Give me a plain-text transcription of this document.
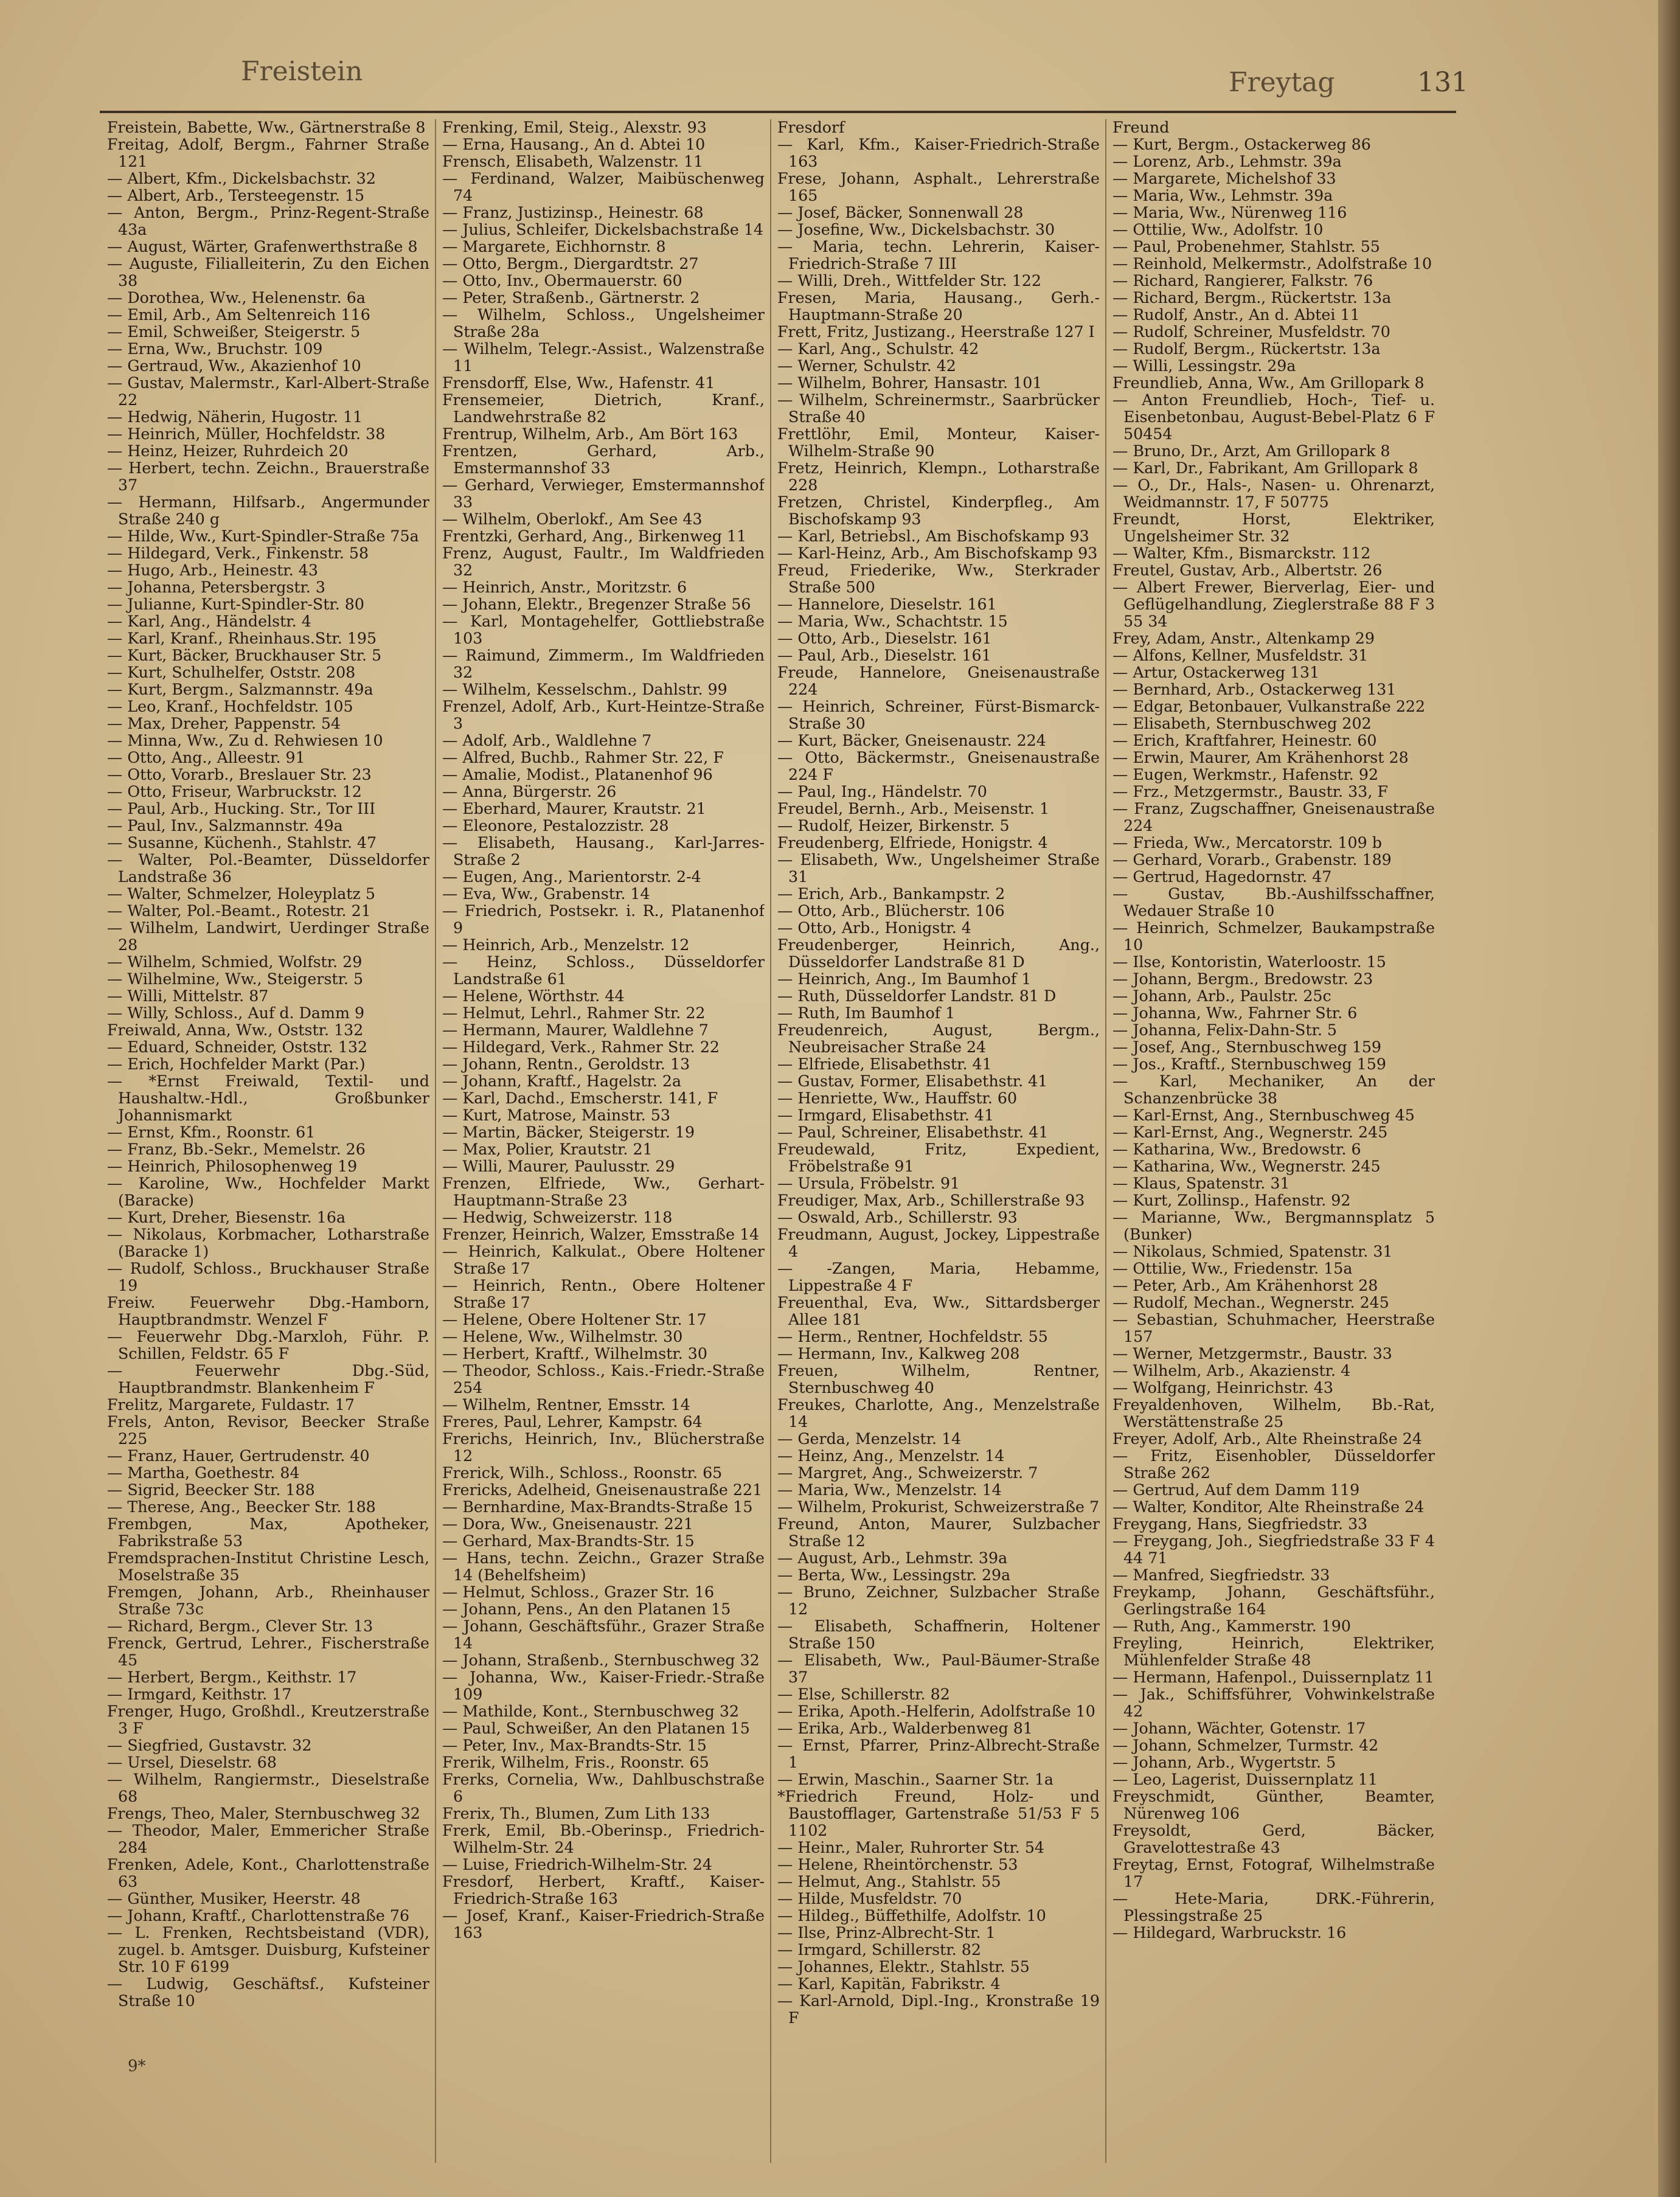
Freistein	Freytag	131
Freistein, Babette, Ww., Gärtnerstraße 8
Freitag, Adolf, Bergm., Fahrner Straße 121
— Albert, Kfm., Dickelsbachstr. 32
— Albert, Arb., Tersteegenstr. 15
— Anton, Bergm., Prinz-Regent-Straße 43a
— August, Wärter, Grafenwerthstraße 8
— Auguste, Filialleiterin, Zu den Eichen 38
— Dorothea, Ww., Helenenstr. 6a
— Emil, Arb., Am Seltenreich 116
— Emil, Schweißer, Steigerstr. 5
— Erna, Ww., Bruchstr. 109
— Gertraud, Ww., Akazienhof 10
— Gustav, Malermstr., Karl-Albert-Straße 22
— Hedwig, Näherin, Hugostr. 11
— Heinrich, Müller, Hochfeldstr. 38
— Heinz, Heizer, Ruhrdeich 20
— Herbert, techn. Zeichn., Brauerstraße 37
— Hermann, Hilfsarb., Angermunder Straße 240 g
— Hilde, Ww., Kurt-Spindler-Straße 75a
— Hildegard, Verk., Finkenstr. 58
— Hugo, Arb., Heinestr. 43
— Johanna, Petersbergstr. 3
— Julianne, Kurt-Spindler-Str. 80
— Karl, Ang., Händelstr. 4
— Karl, Kranf., Rheinhaus.Str. 195
— Kurt, Bäcker, Bruckhauser Str. 5
— Kurt, Schulhelfer, Oststr. 208
— Kurt, Bergm., Salzmannstr. 49a
— Leo, Kranf., Hochfeldstr. 105
— Max, Dreher, Pappenstr. 54
— Minna, Ww., Zu d. Rehwiesen 10
— Otto, Ang., Alleestr. 91
— Otto, Vorarb., Breslauer Str. 23
— Otto, Friseur, Warbruckstr. 12
— Paul, Arb., Hucking. Str., Tor III
— Paul, Inv., Salzmannstr. 49a
— Susanne, Küchenh., Stahlstr. 47
— Walter, Pol.-Beamter, Düsseldorfer Landstraße 36
— Walter, Schmelzer, Holeyplatz 5
— Walter, Pol.-Beamt., Rotestr. 21
— Wilhelm, Landwirt, Uerdinger Straße 28
— Wilhelm, Schmied, Wolfstr. 29
— Wilhelmine, Ww., Steigerstr. 5
— Willi, Mittelstr. 87
— Willy, Schloss., Auf d. Damm 9
Freiwald, Anna, Ww., Oststr. 132
— Eduard, Schneider, Oststr. 132
— Erich, Hochfelder Markt (Par.)
— *Ernst Freiwald, Textil- und Haushaltw.-Hdl., Großbunker Johannismarkt
— Ernst, Kfm., Roonstr. 61
— Franz, Bb.-Sekr., Memelstr. 26
— Heinrich, Philosophenweg 19
— Karoline, Ww., Hochfelder Markt (Baracke)
— Kurt, Dreher, Biesenstr. 16a
— Nikolaus, Korbmacher, Lotharstraße (Baracke 1)
— Rudolf, Schloss., Bruckhauser Straße 19
Freiw. Feuerwehr Dbg.-Hamborn, Hauptbrandmstr. Wenzel F
— Feuerwehr Dbg.-Marxloh, Führ. P. Schillen, Feldstr. 65 F
— Feuerwehr Dbg.-Süd, Hauptbrandmstr. Blankenheim F
Frelitz, Margarete, Fuldastr. 17
Frels, Anton, Revisor, Beecker Straße 225
— Franz, Hauer, Gertrudenstr. 40
— Martha, Goethestr. 84
— Sigrid, Beecker Str. 188
— Therese, Ang., Beecker Str. 188
Frembgen, Max, Apotheker, Fabrikstraße 53
Fremdsprachen-Institut Christine Lesch, Moselstraße 35
Fremgen, Johann, Arb., Rheinhauser Straße 73c
— Richard, Bergm., Clever Str. 13
Frenck, Gertrud, Lehrer., Fischerstraße 45
— Herbert, Bergm., Keithstr. 17
— Irmgard, Keithstr. 17
Frenger, Hugo, Großhdl., Kreutzerstraße 3 F
— Siegfried, Gustavstr. 32
— Ursel, Dieselstr. 68
— Wilhelm, Rangiermstr., Dieselstraße 68
Frengs, Theo, Maler, Sternbuschweg 32
— Theodor, Maler, Emmericher Straße 284
Frenken, Adele, Kont., Charlottenstraße 63
— Günther, Musiker, Heerstr. 48
— Johann, Kraftf., Charlottenstraße 76
— L. Frenken, Rechtsbeistand (VDR), zugel. b. Amtsger. Duisburg, Kufsteiner Str. 10 F 6199
— Ludwig, Geschäftsf., Kufsteiner Straße 10
Frenking, Emil, Steig., Alexstr. 93
— Erna, Hausang., An d. Abtei 10
Frensch, Elisabeth, Walzenstr. 11
— Ferdinand, Walzer, Maibüschenweg 74
— Franz, Justizinsp., Heinestr. 68
— Julius, Schleifer, Dickelsbachstraße 14
— Margarete, Eichhornstr. 8
— Otto, Bergm., Diergardtstr. 27
— Otto, Inv., Obermauerstr. 60
— Peter, Straßenb., Gärtnerstr. 2
— Wilhelm, Schloss., Ungelsheimer Straße 28a
— Wilhelm, Telegr.-Assist., Walzenstraße 11
Frensdorff, Else, Ww., Hafenstr. 41
Frensemeier, Dietrich, Kranf., Landwehrstraße 82
Frentrup, Wilhelm, Arb., Am Bört 163
Frentzen, Gerhard, Arb., Emstermannshof 33
— Gerhard, Verwieger, Emstermannshof 33
— Wilhelm, Oberlokf., Am See 43
Frentzki, Gerhard, Ang., Birkenweg 11
Frenz, August, Faultr., Im Waldfrieden 32
— Heinrich, Anstr., Moritzstr. 6
— Johann, Elektr., Bregenzer Straße 56
— Karl, Montagehelfer, Gottliebstraße 103
— Raimund, Zimmerm., Im Waldfrieden 32
— Wilhelm, Kesselschm., Dahlstr. 99
Frenzel, Adolf, Arb., Kurt-Heintze-Straße 3
— Adolf, Arb., Waldlehne 7
— Alfred, Buchb., Rahmer Str. 22, F
— Amalie, Modist., Platanenhof 96
— Anna, Bürgerstr. 26
— Eberhard, Maurer, Krautstr. 21
— Eleonore, Pestalozzistr. 28
— Elisabeth, Hausang., Karl-Jarres-Straße 2
— Eugen, Ang., Marientorstr. 2-4
— Eva, Ww., Grabenstr. 14
— Friedrich, Postsekr. i. R., Platanenhof 9
— Heinrich, Arb., Menzelstr. 12
— Heinz, Schloss., Düsseldorfer Landstraße 61
— Helene, Wörthstr. 44
— Helmut, Lehrl., Rahmer Str. 22
— Hermann, Maurer, Waldlehne 7
— Hildegard, Verk., Rahmer Str. 22
— Johann, Rentn., Geroldstr. 13
— Johann, Kraftf., Hagelstr. 2a
— Karl, Dachd., Emscherstr. 141, F
— Kurt, Matrose, Mainstr. 53
— Martin, Bäcker, Steigerstr. 19
— Max, Polier, Krautstr. 21
— Willi, Maurer, Paulusstr. 29
Frenzen, Elfriede, Ww., Gerhart-Hauptmann-Straße 23
— Hedwig, Schweizerstr. 118
Frenzer, Heinrich, Walzer, Emsstraße 14
— Heinrich, Kalkulat., Obere Holtener Straße 17
— Heinrich, Rentn., Obere Holtener Straße 17
— Helene, Obere Holtener Str. 17
— Helene, Ww., Wilhelmstr. 30
— Herbert, Kraftf., Wilhelmstr. 30
— Theodor, Schloss., Kais.-Friedr.-Straße 254
— Wilhelm, Rentner, Emsstr. 14
Freres, Paul, Lehrer, Kampstr. 64
Frerichs, Heinrich, Inv., Blücherstraße 12
Frerick, Wilh., Schloss., Roonstr. 65
Frericks, Adelheid, Gneisenaustraße 221
— Bernhardine, Max-Brandts-Straße 15
— Dora, Ww., Gneisenaustr. 221
— Gerhard, Max-Brandts-Str. 15
— Hans, techn. Zeichn., Grazer Straße 14 (Behelfsheim)
— Helmut, Schloss., Grazer Str. 16
— Johann, Pens., An den Platanen 15
— Johann, Geschäftsführ., Grazer Straße 14
— Johann, Straßenb., Sternbuschweg 32
— Johanna, Ww., Kaiser-Friedr.-Straße 109
— Mathilde, Kont., Sternbuschweg 32
— Paul, Schweißer, An den Platanen 15
— Peter, Inv., Max-Brandts-Str. 15
Frerik, Wilhelm, Fris., Roonstr. 65
Frerks, Cornelia, Ww., Dahlbuschstraße 6
Frerix, Th., Blumen, Zum Lith 133
Frerk, Emil, Bb.-Oberinsp., Friedrich-Wilhelm-Str. 24
— Luise, Friedrich-Wilhelm-Str. 24
Fresdorf, Herbert, Kraftf., Kaiser-Friedrich-Straße 163
— Josef, Kranf., Kaiser-Friedrich-Straße 163
Fresdorf
— Karl, Kfm., Kaiser-Friedrich-Straße 163
Frese, Johann, Asphalt., Lehrerstraße 165
— Josef, Bäcker, Sonnenwall 28
— Josefine, Ww., Dickelsbachstr. 30
— Maria, techn. Lehrerin, Kaiser-Friedrich-Straße 7 III
— Willi, Dreh., Wittfelder Str. 122
Fresen, Maria, Hausang., Gerh.-Hauptmann-Straße 20
Frett, Fritz, Justizang., Heerstraße 127 I
— Karl, Ang., Schulstr. 42
— Werner, Schulstr. 42
— Wilhelm, Bohrer, Hansastr. 101
— Wilhelm, Schreinermstr., Saarbrücker Straße 40
Frettlöhr, Emil, Monteur, Kaiser-Wilhelm-Straße 90
Fretz, Heinrich, Klempn., Lotharstraße 228
Fretzen, Christel, Kinderpfleg., Am Bischofskamp 93
— Karl, Betriebsl., Am Bischofskamp 93
— Karl-Heinz, Arb., Am Bischofskamp 93
Freud, Friederike, Ww., Sterkrader Straße 500
— Hannelore, Dieselstr. 161
— Maria, Ww., Schachtstr. 15
— Otto, Arb., Dieselstr. 161
— Paul, Arb., Dieselstr. 161
Freude, Hannelore, Gneisenaustraße 224
— Heinrich, Schreiner, Fürst-Bismarck-Straße 30
— Kurt, Bäcker, Gneisenaustr. 224
— Otto, Bäckermstr., Gneisenaustraße 224 F
— Paul, Ing., Händelstr. 70
Freudel, Bernh., Arb., Meisenstr. 1
— Rudolf, Heizer, Birkenstr. 5
Freudenberg, Elfriede, Honigstr. 4
— Elisabeth, Ww., Ungelsheimer Straße 31
— Erich, Arb., Bankampstr. 2
— Otto, Arb., Blücherstr. 106
— Otto, Arb., Honigstr. 4
Freudenberger, Heinrich, Ang., Düsseldorfer Landstraße 81 D
— Heinrich, Ang., Im Baumhof 1
— Ruth, Düsseldorfer Landstr. 81 D
— Ruth, Im Baumhof 1
Freudenreich, August, Bergm., Neubreisacher Straße 24
— Elfriede, Elisabethstr. 41
— Gustav, Former, Elisabethstr. 41
— Henriette, Ww., Hauffstr. 60
— Irmgard, Elisabethstr. 41
— Paul, Schreiner, Elisabethstr. 41
Freudewald, Fritz, Expedient, Fröbelstraße 91
— Ursula, Fröbelstr. 91
Freudiger, Max, Arb., Schillerstraße 93
— Oswald, Arb., Schillerstr. 93
Freudmann, August, Jockey, Lippestraße 4
— -Zangen, Maria, Hebamme, Lippestraße 4 F
Freuenthal, Eva, Ww., Sittardsberger Allee 181
— Herm., Rentner, Hochfeldstr. 55
— Hermann, Inv., Kalkweg 208
Freuen, Wilhelm, Rentner, Sternbuschweg 40
Freukes, Charlotte, Ang., Menzelstraße 14
— Gerda, Menzelstr. 14
— Heinz, Ang., Menzelstr. 14
— Margret, Ang., Schweizerstr. 7
— Maria, Ww., Menzelstr. 14
— Wilhelm, Prokurist, Schweizerstraße 7
Freund, Anton, Maurer, Sulzbacher Straße 12
— August, Arb., Lehmstr. 39a
— Berta, Ww., Lessingstr. 29a
— Bruno, Zeichner, Sulzbacher Straße 12
— Elisabeth, Schaffnerin, Holtener Straße 150
— Elisabeth, Ww., Paul-Bäumer-Straße 37
— Else, Schillerstr. 82
— Erika, Apoth.-Helferin, Adolfstraße 10
— Erika, Arb., Walderbenweg 81
— Ernst, Pfarrer, Prinz-Albrecht-Straße 1
— Erwin, Maschin., Saarner Str. 1a
*Friedrich Freund, Holz- und Baustofflager, Gartenstraße 51/53 F 5 1102
— Heinr., Maler, Ruhrorter Str. 54
— Helene, Rheintörchenstr. 53
— Helmut, Ang., Stahlstr. 55
— Hilde, Musfeldstr. 70
— Hildeg., Büffethilfe, Adolfstr. 10
— Ilse, Prinz-Albrecht-Str. 1
— Irmgard, Schillerstr. 82
— Johannes, Elektr., Stahlstr. 55
— Karl, Kapitän, Fabrikstr. 4
— Karl-Arnold, Dipl.-Ing., Kronstraße 19 F
Freund
— Kurt, Bergm., Ostackerweg 86
— Lorenz, Arb., Lehmstr. 39a
— Margarete, Michelshof 33
— Maria, Ww., Lehmstr. 39a
— Maria, Ww., Nürenweg 116
— Ottilie, Ww., Adolfstr. 10
— Paul, Probenehmer, Stahlstr. 55
— Reinhold, Melkermstr., Adolfstraße 10
— Richard, Rangierer, Falkstr. 76
— Richard, Bergm., Rückertstr. 13a
— Rudolf, Anstr., An d. Abtei 11
— Rudolf, Schreiner, Musfeldstr. 70
— Rudolf, Bergm., Rückertstr. 13a
— Willi, Lessingstr. 29a
Freundlieb, Anna, Ww., Am Grillopark 8
— Anton Freundlieb, Hoch-, Tief- u. Eisenbetonbau, August-Bebel-Platz 6 F 50454
— Bruno, Dr., Arzt, Am Grillopark 8
— Karl, Dr., Fabrikant, Am Grillopark 8
— O., Dr., Hals-, Nasen- u. Ohrenarzt, Weidmannstr. 17, F 50775
Freundt, Horst, Elektriker, Ungelsheimer Str. 32
— Walter, Kfm., Bismarckstr. 112
Freutel, Gustav, Arb., Albertstr. 26
— Albert Frewer, Bierverlag, Eier- und Geflügelhandlung, Zieglerstraße 88 F 3 55 34
Frey, Adam, Anstr., Altenkamp 29
— Alfons, Kellner, Musfeldstr. 31
— Artur, Ostackerweg 131
— Bernhard, Arb., Ostackerweg 131
— Edgar, Betonbauer, Vulkanstraße 222
— Elisabeth, Sternbuschweg 202
— Erich, Kraftfahrer, Heinestr. 60
— Erwin, Maurer, Am Krähenhorst 28
— Eugen, Werkmstr., Hafenstr. 92
— Frz., Metzgermstr., Baustr. 33, F
— Franz, Zugschaffner, Gneisenaustraße 224
— Frieda, Ww., Mercatorstr. 109 b
— Gerhard, Vorarb., Grabenstr. 189
— Gertrud, Hagedornstr. 47
— Gustav, Bb.-Aushilfsschaffner, Wedauer Straße 10
— Heinrich, Schmelzer, Baukampstraße 10
— Ilse, Kontoristin, Waterloostr. 15
— Johann, Bergm., Bredowstr. 23
— Johann, Arb., Paulstr. 25c
— Johanna, Ww., Fahrner Str. 6
— Johanna, Felix-Dahn-Str. 5
— Josef, Ang., Sternbuschweg 159
— Jos., Kraftf., Sternbuschweg 159
— Karl, Mechaniker, An der Schanzenbrücke 38
— Karl-Ernst, Ang., Sternbuschweg 45
— Karl-Ernst, Ang., Wegnerstr. 245
— Katharina, Ww., Bredowstr. 6
— Katharina, Ww., Wegnerstr. 245
— Klaus, Spatenstr. 31
— Kurt, Zollinsp., Hafenstr. 92
— Marianne, Ww., Bergmannsplatz 5 (Bunker)
— Nikolaus, Schmied, Spatenstr. 31
— Ottilie, Ww., Friedenstr. 15a
— Peter, Arb., Am Krähenhorst 28
— Rudolf, Mechan., Wegnerstr. 245
— Sebastian, Schuhmacher, Heerstraße 157
— Werner, Metzgermstr., Baustr. 33
— Wilhelm, Arb., Akazienstr. 4
— Wolfgang, Heinrichstr. 43
Freyaldenhoven, Wilhelm, Bb.-Rat, Werstättenstraße 25
Freyer, Adolf, Arb., Alte Rheinstraße 24
— Fritz, Eisenhobler, Düsseldorfer Straße 262
— Gertrud, Auf dem Damm 119
— Walter, Konditor, Alte Rheinstraße 24
Freygang, Hans, Siegfriedstr. 33
— Freygang, Joh., Siegfriedstraße 33 F 4 44 71
— Manfred, Siegfriedstr. 33
Freykamp, Johann, Geschäftsführ., Gerlingstraße 164
— Ruth, Ang., Kammerstr. 190
Freyling, Heinrich, Elektriker, Mühlenfelder Straße 48
— Hermann, Hafenpol., Duissernplatz 11
— Jak., Schiffsführer, Vohwinkelstraße 42
— Johann, Wächter, Gotenstr. 17
— Johann, Schmelzer, Turmstr. 42
— Johann, Arb., Wygertstr. 5
— Leo, Lagerist, Duissernplatz 11
Freyschmidt, Günther, Beamter, Nürenweg 106
Freysoldt, Gerd, Bäcker, Gravelottestraße 43
Freytag, Ernst, Fotograf, Wilhelmstraße 17
— Hete-Maria, DRK.-Führerin, Plessingstraße 25
— Hildegard, Warbruckstr. 16
9*
